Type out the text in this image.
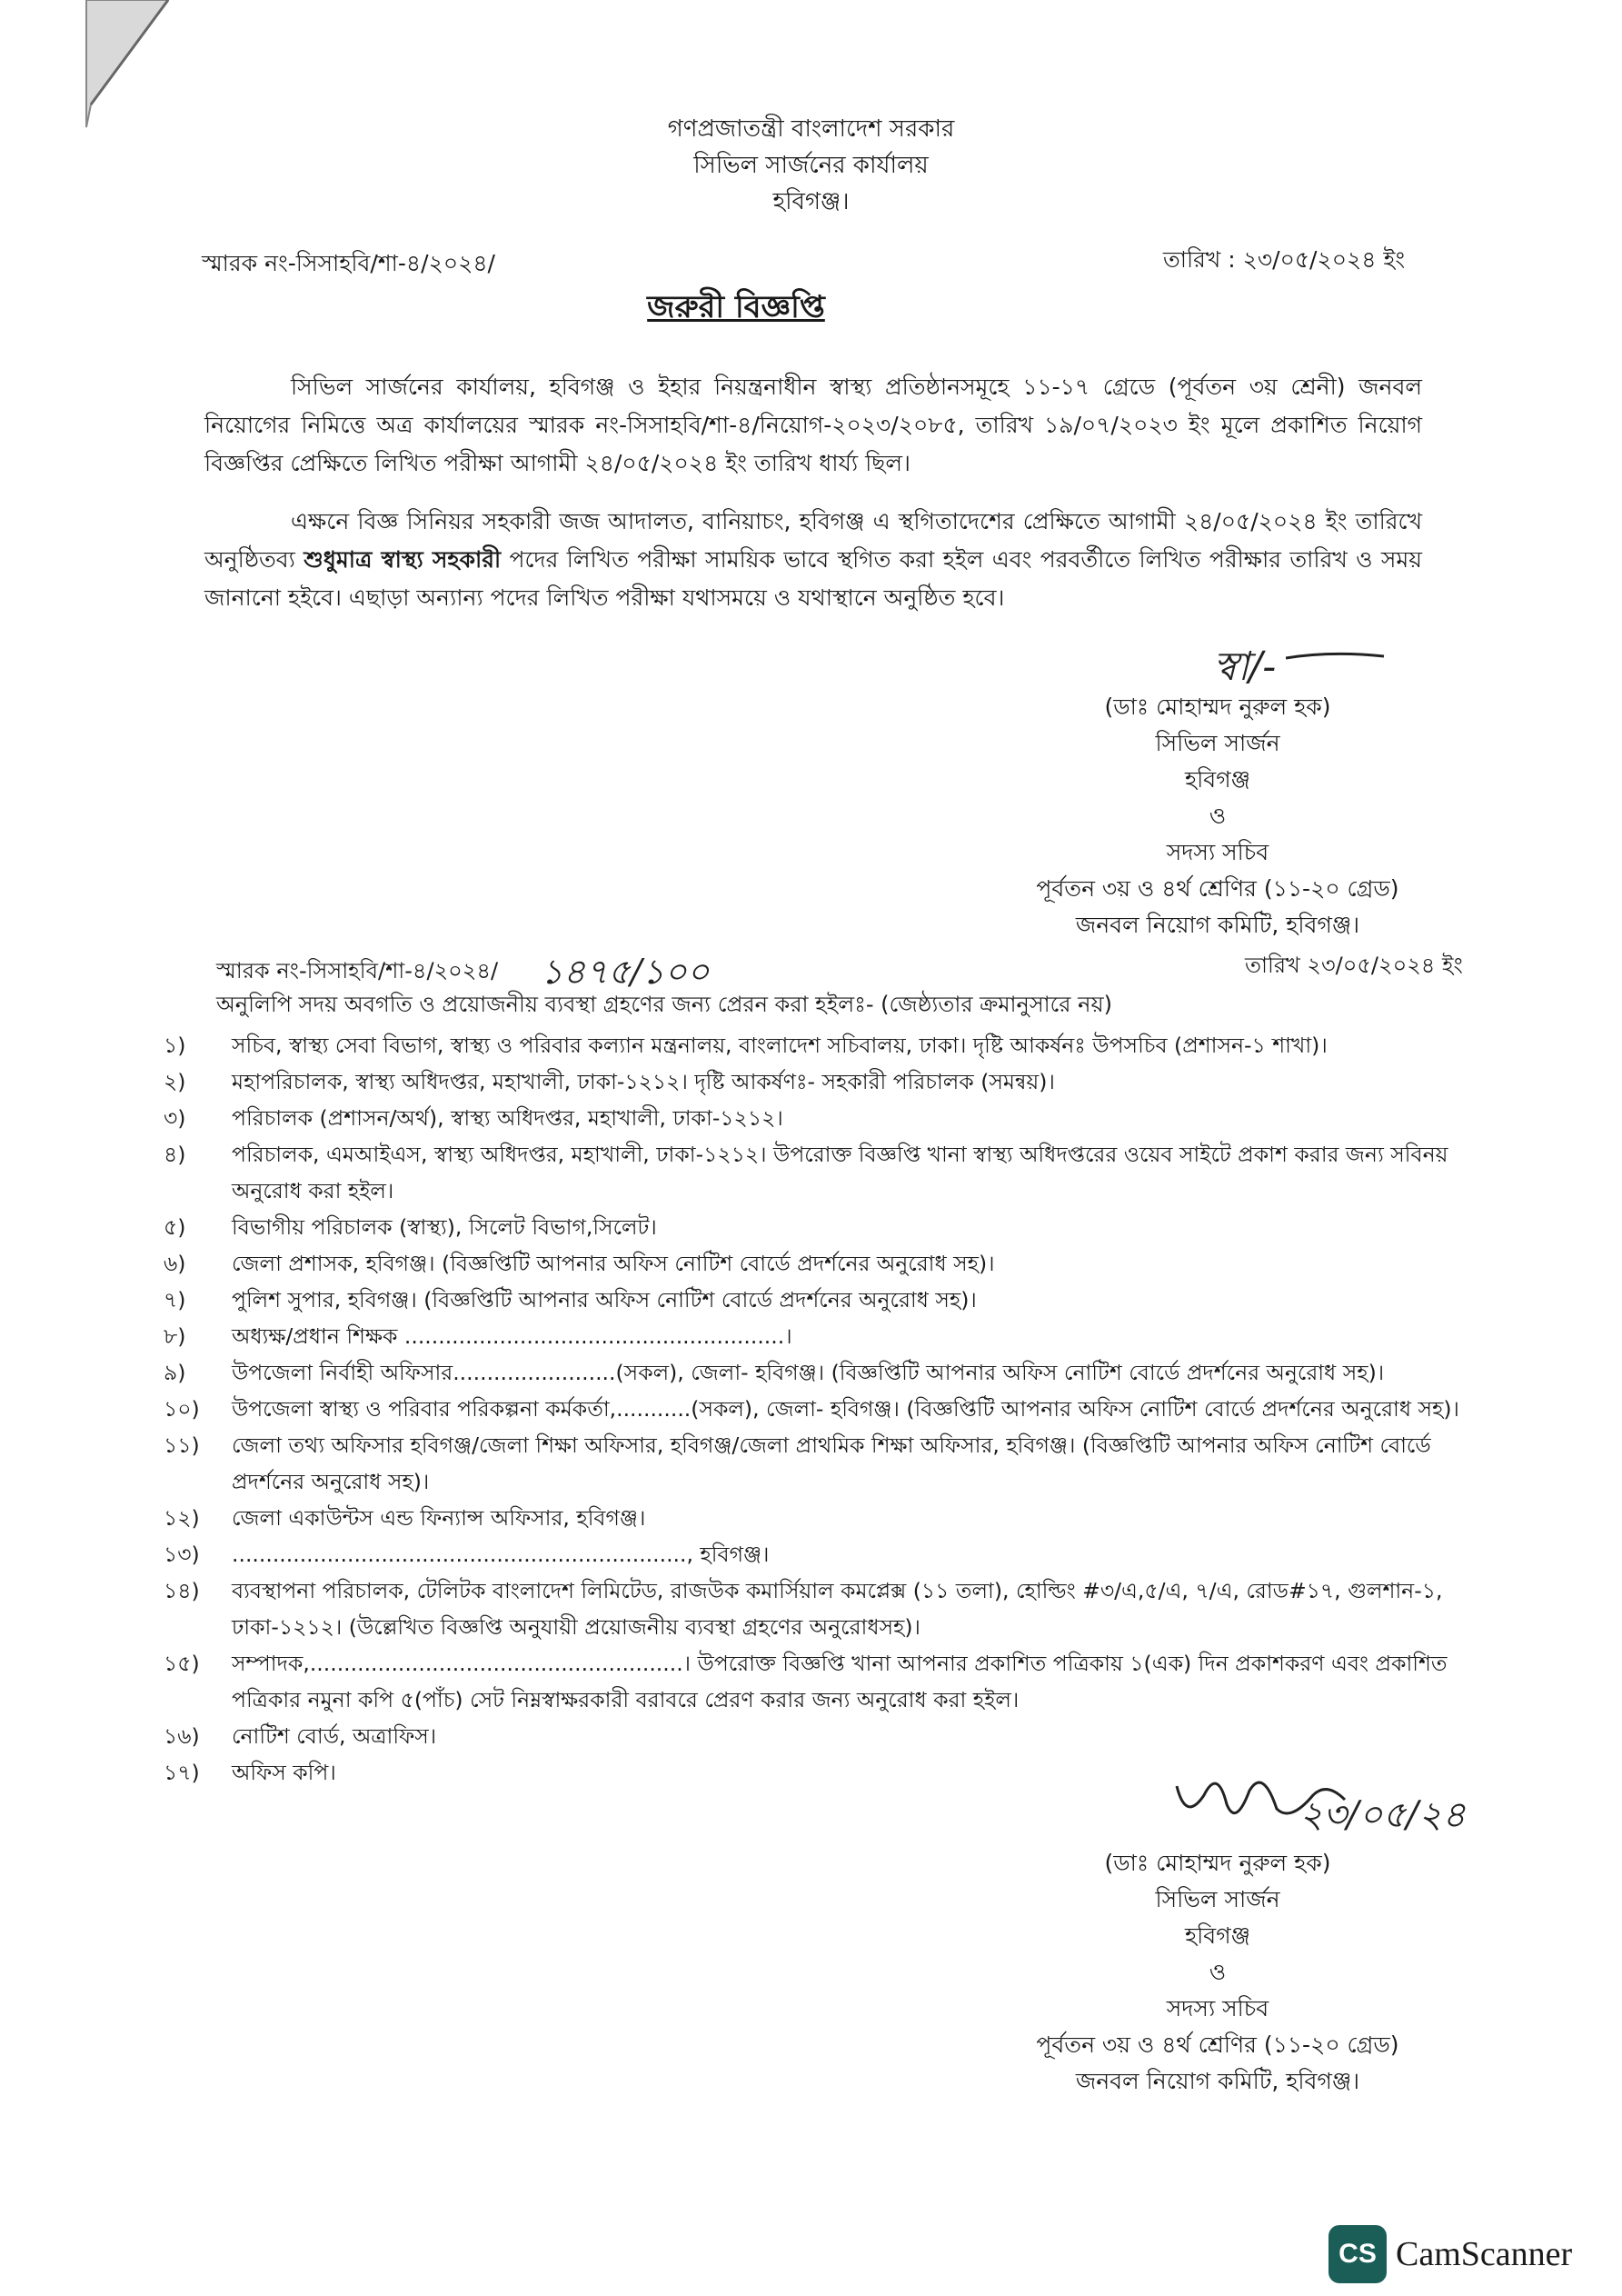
গণপ্রজাতন্ত্রী বাংলাদেশ সরকার
সিভিল সার্জনের কার্যালয়
হবিগঞ্জ।
স্মারক নং-সিসাহবি/শা-৪/২০২৪/	তারিখ : ২৩/০৫/২০২৪ ইং
জরুরী বিজ্ঞপ্তি
সিভিল সার্জনের কার্যালয়, হবিগঞ্জ ও ইহার নিয়ন্ত্রনাধীন স্বাস্থ্য প্রতিষ্ঠানসমূহে ১১-১৭ গ্রেডে (পূর্বতন ৩য় শ্রেনী) জনবল নিয়োগের নিমিত্তে অত্র কার্যালয়ের স্মারক নং-সিসাহবি/শা-৪/নিয়োগ-২০২৩/২০৮৫, তারিখ ১৯/০৭/২০২৩ ইং মূলে প্রকাশিত নিয়োগ বিজ্ঞপ্তির প্রেক্ষিতে লিখিত পরীক্ষা আগামী ২৪/০৫/২০২৪ ইং তারিখ ধার্য্য ছিল।
এক্ষনে বিজ্ঞ সিনিয়র সহকারী জজ আদালত, বানিয়াচং, হবিগঞ্জ এ স্থগিতাদেশের প্রেক্ষিতে আগামী ২৪/০৫/২০২৪ ইং তারিখে অনুষ্ঠিতব্য শুধুমাত্র স্বাস্থ্য সহকারী পদের লিখিত পরীক্ষা সাময়িক ভাবে স্থগিত করা হইল এবং পরবর্তীতে লিখিত পরীক্ষার তারিখ ও সময় জানানো হইবে। এছাড়া অন্যান্য পদের লিখিত পরীক্ষা যথাসময়ে ও যথাস্থানে অনুষ্ঠিত হবে।
স্বা/-
(ডাঃ মোহাম্মদ নুরুল হক)
সিভিল সার্জন
হবিগঞ্জ
ও
সদস্য সচিব
পূর্বতন ৩য় ও ৪র্থ শ্রেণির (১১-২০ গ্রেড)
জনবল নিয়োগ কমিটি, হবিগঞ্জ।
স্মারক নং-সিসাহবি/শা-৪/২০২৪/ ১৪৭৫/১০০	তারিখ ২৩/০৫/২০২৪ ইং
অনুলিপি সদয় অবগতি ও প্রয়োজনীয় ব্যবস্থা গ্রহণের জন্য প্রেরন করা হইলঃ- (জেষ্ঠ্যতার ক্রমানুসারে নয়)
১)	সচিব, স্বাস্থ্য সেবা বিভাগ, স্বাস্থ্য ও পরিবার কল্যান মন্ত্রনালয়, বাংলাদেশ সচিবালয়, ঢাকা। দৃষ্টি আকর্ষনঃ উপসচিব (প্রশাসন-১ শাখা)।
২)	মহাপরিচালক, স্বাস্থ্য অধিদপ্তর, মহাখালী, ঢাকা-১২১২। দৃষ্টি আকর্ষণঃ- সহকারী পরিচালক (সমন্বয়)।
৩)	পরিচালক (প্রশাসন/অর্থ), স্বাস্থ্য অধিদপ্তর, মহাখালী, ঢাকা-১২১২।
৪)	পরিচালক, এমআইএস, স্বাস্থ্য অধিদপ্তর, মহাখালী, ঢাকা-১২১২। উপরোক্ত বিজ্ঞপ্তি খানা স্বাস্থ্য অধিদপ্তরের ওয়েব সাইটে প্রকাশ করার জন্য সবিনয় অনুরোধ করা হইল।
৫)	বিভাগীয় পরিচালক (স্বাস্থ্য), সিলেট বিভাগ,সিলেট।
৬)	জেলা প্রশাসক, হবিগঞ্জ। (বিজ্ঞপ্তিটি আপনার অফিস নোটিশ বোর্ডে প্রদর্শনের অনুরোধ সহ)।
৭)	পুলিশ সুপার, হবিগঞ্জ। (বিজ্ঞপ্তিটি আপনার অফিস নোটিশ বোর্ডে প্রদর্শনের অনুরোধ সহ)।
৮)	অধ্যক্ষ/প্রধান শিক্ষক ........................................................।
৯)	উপজেলা নির্বাহী অফিসার........................(সকল), জেলা- হবিগঞ্জ। (বিজ্ঞপ্তিটি আপনার অফিস নোটিশ বোর্ডে প্রদর্শনের অনুরোধ সহ)।
১০)	উপজেলা স্বাস্থ্য ও পরিবার পরিকল্পনা কর্মকর্তা,...........(সকল), জেলা- হবিগঞ্জ। (বিজ্ঞপ্তিটি আপনার অফিস নোটিশ বোর্ডে প্রদর্শনের অনুরোধ সহ)।
১১)	জেলা তথ্য অফিসার হবিগঞ্জ/জেলা শিক্ষা অফিসার, হবিগঞ্জ/জেলা প্রাথমিক শিক্ষা অফিসার, হবিগঞ্জ। (বিজ্ঞপ্তিটি আপনার অফিস নোটিশ বোর্ডে প্রদর্শনের অনুরোধ সহ)।
১২)	জেলা একাউন্টস এন্ড ফিন্যান্স অফিসার, হবিগঞ্জ।
১৩)	..................................................................., হবিগঞ্জ।
১৪)	ব্যবস্থাপনা পরিচালক, টেলিটক বাংলাদেশ লিমিটেড, রাজউক কমার্সিয়াল কমপ্লেক্স (১১ তলা), হোল্ডিং #৩/এ,৫/এ, ৭/এ, রোড#১৭, গুলশান-১, ঢাকা-১২১২। (উল্লেখিত বিজ্ঞপ্তি অনুযায়ী প্রয়োজনীয় ব্যবস্থা গ্রহণের অনুরোধসহ)।
১৫)	সম্পাদক,.......................................................। উপরোক্ত বিজ্ঞপ্তি খানা আপনার প্রকাশিত পত্রিকায় ১(এক) দিন প্রকাশকরণ এবং প্রকাশিত পত্রিকার নমুনা কপি ৫(পাঁচ) সেট নিম্নস্বাক্ষরকারী বরাবরে প্রেরণ করার জন্য অনুরোধ করা হইল।
১৬)	নোটিশ বোর্ড, অত্রাফিস।
১৭)	অফিস কপি।
২৩/০৫/২৪
(ডাঃ মোহাম্মদ নুরুল হক)
সিভিল সার্জন
হবিগঞ্জ
ও
সদস্য সচিব
পূর্বতন ৩য় ও ৪র্থ শ্রেণির (১১-২০ গ্রেড)
জনবল নিয়োগ কমিটি, হবিগঞ্জ।
CS CamScanner
